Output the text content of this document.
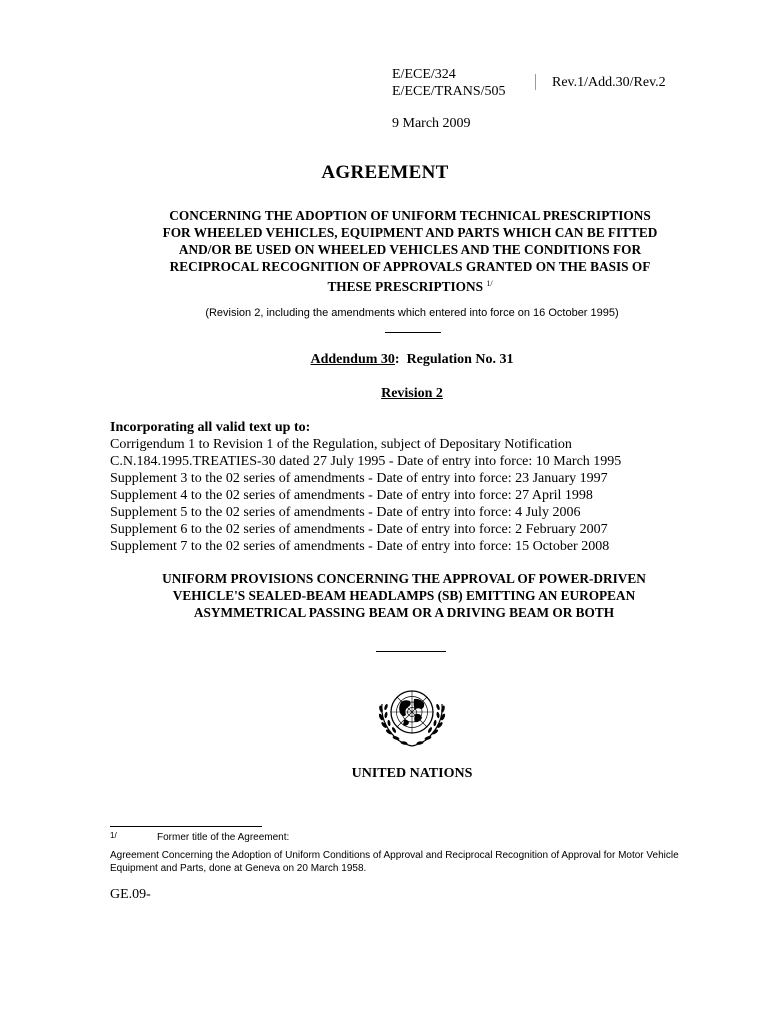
E/ECE/324
E/ECE/TRANS/505
Rev.1/Add.30/Rev.2
9 March 2009
AGREEMENT
CONCERNING THE ADOPTION OF UNIFORM TECHNICAL PRESCRIPTIONS
FOR WHEELED VEHICLES, EQUIPMENT AND PARTS WHICH CAN BE FITTED
AND/OR BE USED ON WHEELED VEHICLES AND THE CONDITIONS FOR
RECIPROCAL RECOGNITION OF APPROVALS GRANTED ON THE BASIS OF
THESE PRESCRIPTIONS $^{1/}$
(Revision 2, including the amendments which entered into force on 16 October 1995)
Addendum 30: Regulation No. 31
Revision 2
Incorporating all valid text up to:
Corrigendum 1 to Revision 1 of the Regulation, subject of Depositary Notification
C.N.184.1995.TREATIES-30 dated 27 July 1995 - Date of entry into force: 10 March 1995
Supplement 3 to the 02 series of amendments - Date of entry into force: 23 January 1997
Supplement 4 to the 02 series of amendments - Date of entry into force: 27 April 1998
Supplement 5 to the 02 series of amendments - Date of entry into force: 4 July 2006
Supplement 6 to the 02 series of amendments - Date of entry into force: 2 February 2007
Supplement 7 to the 02 series of amendments - Date of entry into force: 15 October 2008
UNIFORM PROVISIONS CONCERNING THE APPROVAL OF POWER-DRIVEN
VEHICLE'S SEALED-BEAM HEADLAMPS (SB) EMITTING AN EUROPEAN
ASYMMETRICAL PASSING BEAM OR A DRIVING BEAM OR BOTH
UNITED NATIONS
1/	Former title of the Agreement:
Agreement Concerning the Adoption of Uniform Conditions of Approval and Reciprocal Recognition of Approval for Motor Vehicle Equipment and Parts, done at Geneva on 20 March 1958.
GE.09-
